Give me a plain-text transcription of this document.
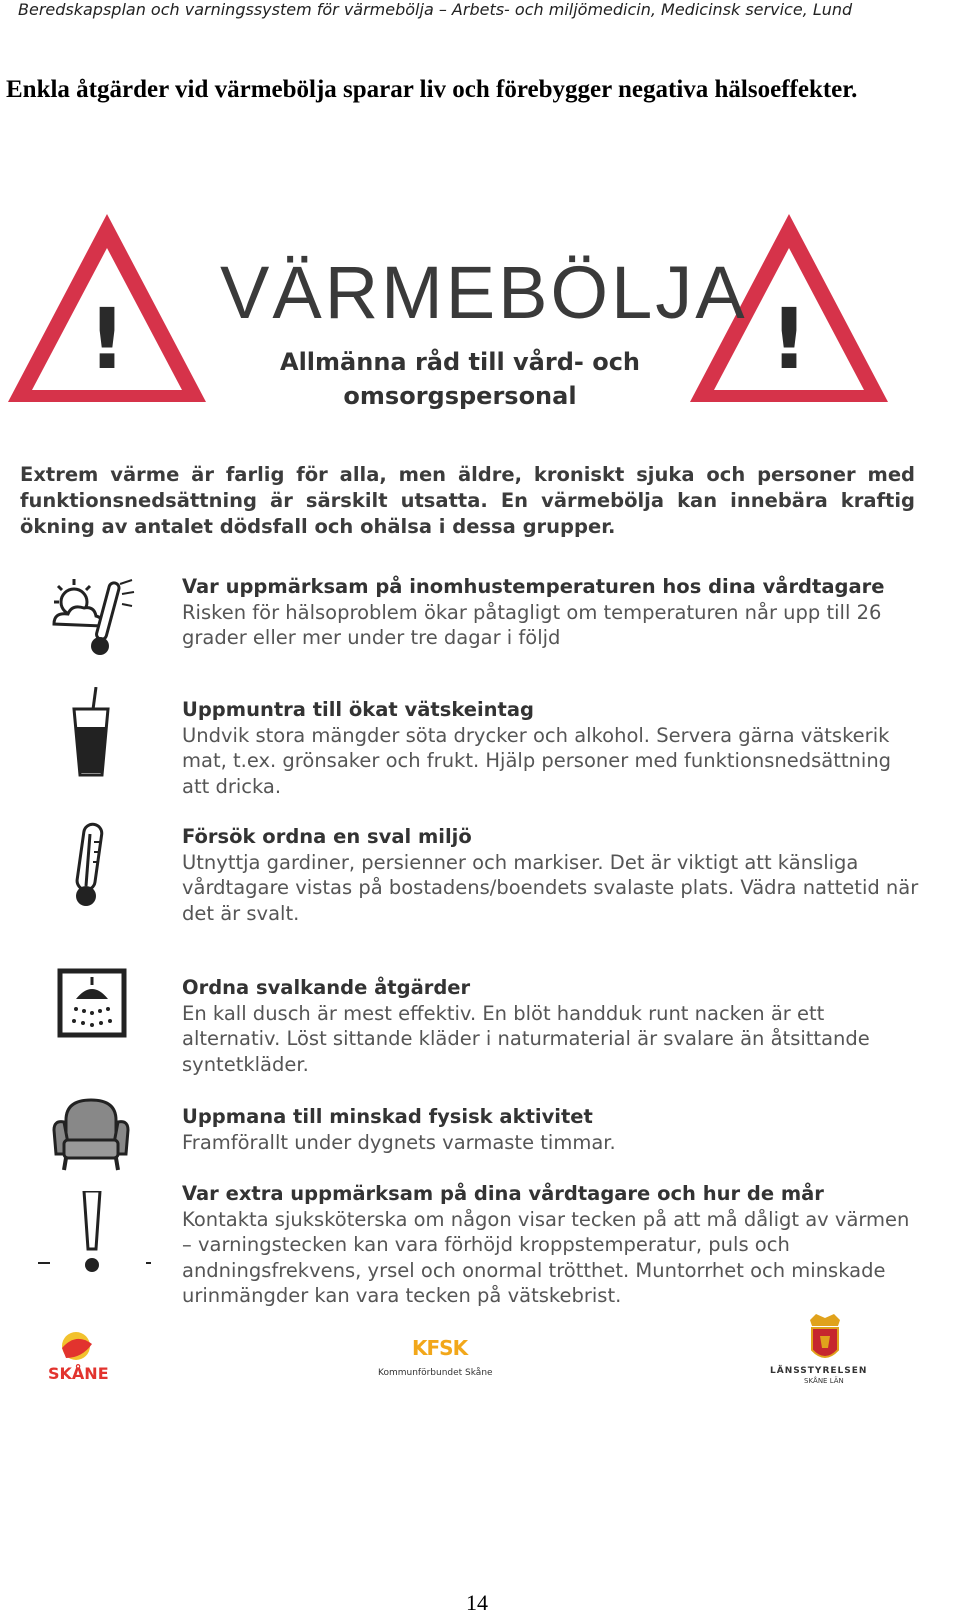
Beredskapsplan och varningssystem för värmebölja – Arbets- och miljömedicin, Medicinsk service, Lund
Enkla åtgärder vid värmebölja sparar liv och förebygger negativa hälsoeffekter.
!	!
VÄRMEBÖLJA
Allmänna råd till vård- och
omsorgspersonal
Extrem värme är farlig för alla, men äldre, kroniskt sjuka och personer med funktionsnedsättning är särskilt utsatta. En värmebölja kan innebära kraftig ökning av antalet dödsfall och ohälsa i dessa grupper.
Var uppmärksam på inomhustemperaturen hos dina vårdtagare
Risken för hälsoproblem ökar påtagligt om temperaturen når upp till 26 grader eller mer under tre dagar i följd
Uppmuntra till ökat vätskeintag
Undvik stora mängder söta drycker och alkohol. Servera gärna vätskerik mat, t.ex. grönsaker och frukt. Hjälp personer med funktionsnedsättning att dricka.
Försök ordna en sval miljö
Utnyttja gardiner, persienner och markiser. Det är viktigt att känsliga vårdtagare vistas på bostadens/boendets svalaste plats. Vädra nattetid när det är svalt.
Ordna svalkande åtgärder
En kall dusch är mest effektiv. En blöt handduk runt nacken är ett alternativ. Löst sittande kläder i naturmaterial är svalare än åtsittande syntetkläder.
Uppmana till minskad fysisk aktivitet
Framförallt under dygnets varmaste timmar.
Var extra uppmärksam på dina vårdtagare och hur de mår
Kontakta sjuksköterska om någon visar tecken på att må dåligt av värmen – varningstecken kan vara förhöjd kroppstemperatur, puls och andningsfrekvens, yrsel och onormal trötthet. Muntorrhet och minskade urinmängder kan vara tecken på vätskebrist.
SKÅNE
KFSK
Kommunförbundet Skåne	LÄNSSTYRELSEN
SKÅNE LÄN
14
